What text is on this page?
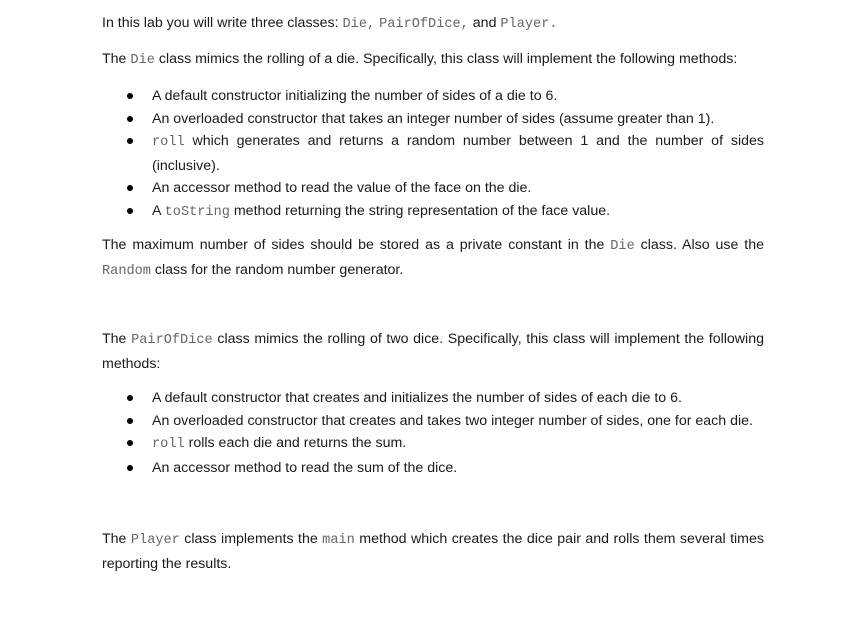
In this lab you will write three classes: Die, PairOfDice, and Player.

The Die class mimics the rolling of a die. Specifically, this class will implement the following methods:

A default constructor initializing the number of sides of a die to 6.
An overloaded constructor that takes an integer number of sides (assume greater than 1).
roll which generates and returns a random number between 1 and the number of sides (inclusive).
An accessor method to read the value of the face on the die.
A toString method returning the string representation of the face value.

The maximum number of sides should be stored as a private constant in the Die class. Also use the Random class for the random number generator.

The PairOfDice class mimics the rolling of two dice. Specifically, this class will implement the following methods:

A default constructor that creates and initializes the number of sides of each die to 6.
An overloaded constructor that creates and takes two integer number of sides, one for each die.
roll rolls each die and returns the sum.
An accessor method to read the sum of the dice.

The Player class implements the main method which creates the dice pair and rolls them several times reporting the results.
